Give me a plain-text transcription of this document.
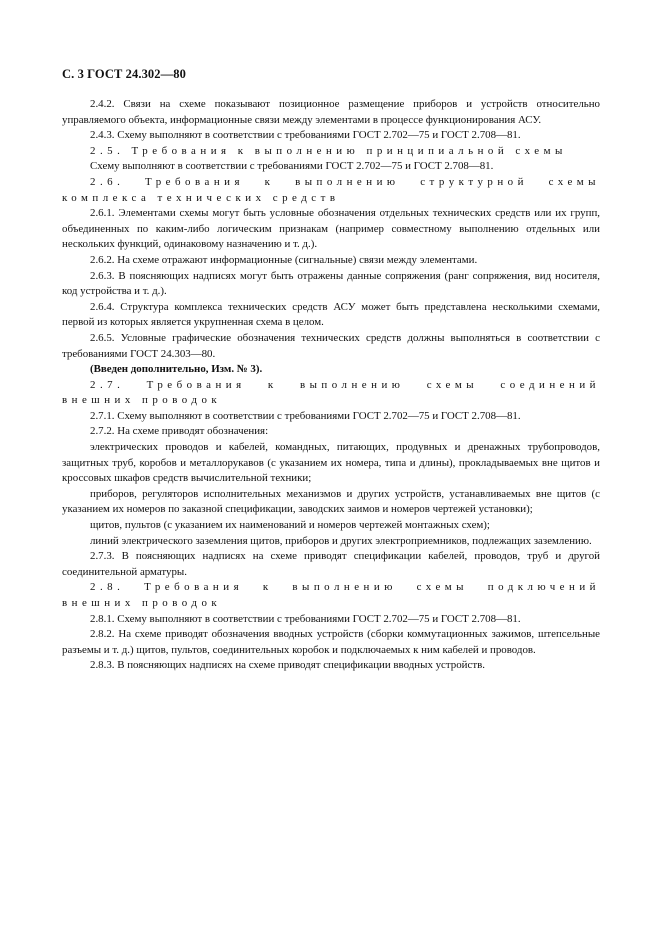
С. 3 ГОСТ 24.302—80

2.4.2. Связи на схеме показывают позиционное размещение приборов и устройств относительно управляемого объекта, информационные связи между элементами в процессе функционирования АСУ.

2.4.3. Схему выполняют в соответствии с требованиями ГОСТ 2.702—75 и ГОСТ 2.708—81.

2.5. Требования к выполнению принципиальной схемы

Схему выполняют в соответствии с требованиями ГОСТ 2.702—75 и ГОСТ 2.708—81.

2.6. Требования к выполнению структурной схемы комплекса технических средств

2.6.1. Элементами схемы могут быть условные обозначения отдельных технических средств или их групп, объединенных по каким-либо логическим признакам (например совместному выполнению отдельных или нескольких функций, одинаковому назначению и т. д.).

2.6.2. На схеме отражают информационные (сигнальные) связи между элементами.

2.6.3. В поясняющих надписях могут быть отражены данные сопряжения (ранг сопряжения, вид носителя, код устройства и т. д.).

2.6.4. Структура комплекса технических средств АСУ может быть представлена несколькими схемами, первой из которых является укрупненная схема в целом.

2.6.5. Условные графические обозначения технических средств должны выполняться в соответствии с требованиями ГОСТ 24.303—80.

(Введен дополнительно, Изм. № 3).

2.7. Требования к выполнению схемы соединений внешних проводок

2.7.1. Схему выполняют в соответствии с требованиями ГОСТ 2.702—75 и ГОСТ 2.708—81.

2.7.2. На схеме приводят обозначения:

электрических проводов и кабелей, командных, питающих, продувных и дренажных трубопроводов, защитных труб, коробов и металлорукавов (с указанием их номера, типа и длины), прокладываемых вне щитов и кроссовых шкафов средств вычислительной техники;

приборов, регуляторов исполнительных механизмов и других устройств, устанавливаемых вне щитов (с указанием их номеров по заказной спецификации, заводских заимов и номеров чертежей установки);

щитов, пультов (с указанием их наименований и номеров чертежей монтажных схем);

линий электрического заземления щитов, приборов и других электроприемников, подлежащих заземлению.

2.7.3. В поясняющих надписях на схеме приводят спецификации кабелей, проводов, труб и другой соединительной арматуры.

2.8. Требования к выполнению схемы подключений внешних проводок

2.8.1. Схему выполняют в соответствии с требованиями ГОСТ 2.702—75 и ГОСТ 2.708—81.

2.8.2. На схеме приводят обозначения вводных устройств (сборки коммутационных зажимов, штепсельные разъемы и т. д.) щитов, пультов, соединительных коробок и подключаемых к ним кабелей и проводов.

2.8.3. В поясняющих надписях на схеме приводят спецификации вводных устройств.
